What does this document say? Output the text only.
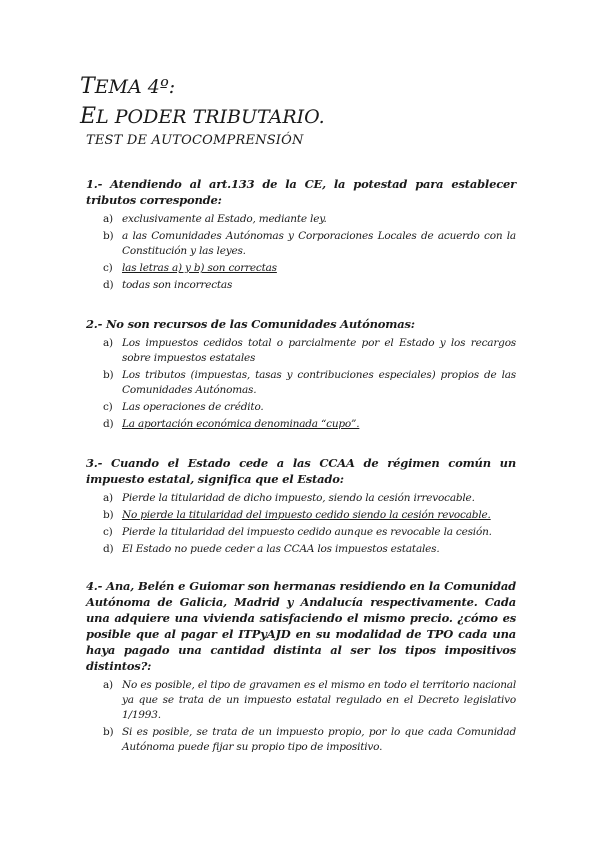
TEMA 4º:
EL PODER TRIBUTARIO.
TEST DE AUTOCOMPRENSIÓN

1.- Atendiendo al art.133 de la CE, la potestad para establecer tributos corresponde:

a) exclusivamente al Estado, mediante ley.
b) a las Comunidades Autónomas y Corporaciones Locales de acuerdo con la Constitución y las leyes.
c) las letras a) y b) son correctas
d) todas son incorrectas

2.- No son recursos de las Comunidades Autónomas:

a) Los impuestos cedidos total o parcialmente por el Estado y los recargos sobre impuestos estatales
b) Los tributos (impuestas, tasas y contribuciones especiales) propios de las Comunidades Autónomas.
c) Las operaciones de crédito.
d) La aportación económica denominada “cupo”.

3.- Cuando el Estado cede a las CCAA de régimen común un impuesto estatal, significa que el Estado:

a) Pierde la titularidad de dicho impuesto, siendo la cesión irrevocable.
b) No pierde la titularidad del impuesto cedido siendo la cesión revocable.
c) Pierde la titularidad del impuesto cedido aunque es revocable la cesión.
d) El Estado no puede ceder a las CCAA los impuestos estatales.

4.- Ana, Belén e Guiomar son hermanas residiendo en la Comunidad Autónoma de Galicia, Madrid y Andalucía respectivamente. Cada una adquiere una vivienda satisfaciendo el mismo precio. ¿cómo es posible que al pagar el ITPyAJD en su modalidad de TPO cada una haya pagado una cantidad distinta al ser los tipos impositivos distintos?:

a) No es posible, el tipo de gravamen es el mismo en todo el territorio nacional ya que se trata de un impuesto estatal regulado en el Decreto legislativo 1/1993.
b) Si es posible, se trata de un impuesto propio, por lo que cada Comunidad Autónoma puede fijar su propio tipo de impositivo.
